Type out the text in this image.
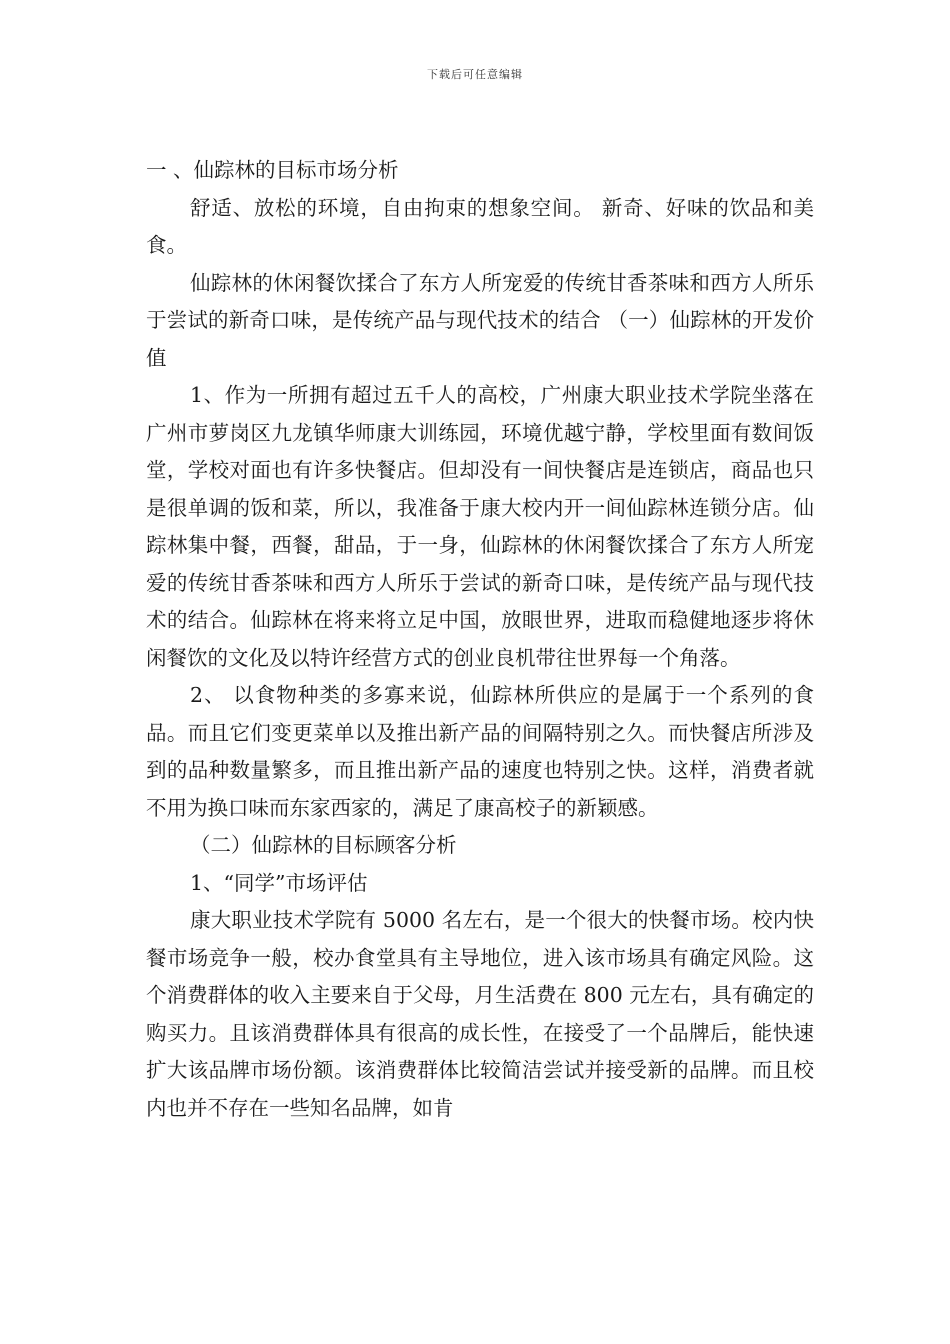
下载后可任意编辑

一 、仙踪林的目标市场分析

舒适、放松的环境，自由拘束的想象空间。 新奇、好味的饮品和美食。

仙踪林的休闲餐饮揉合了东方人所宠爱的传统甘香茶味和西方人所乐于尝试的新奇口味，是传统产品与现代技术的结合 （一）仙踪林的开发价值

1、作为一所拥有超过五千人的高校，广州康大职业技术学院坐落在广州市萝岗区九龙镇华师康大训练园，环境优越宁静，学校里面有数间饭堂，学校对面也有许多快餐店。但却没有一间快餐店是连锁店，商品也只是很单调的饭和菜，所以，我准备于康大校内开一间仙踪林连锁分店。仙踪林集中餐，西餐，甜品，于一身，仙踪林的休闲餐饮揉合了东方人所宠爱的传统甘香茶味和西方人所乐于尝试的新奇口味，是传统产品与现代技术的结合。仙踪林在将来将立足中国，放眼世界，进取而稳健地逐步将休闲餐饮的文化及以特许经营方式的创业良机带往世界每一个角落。

2、 以食物种类的多寡来说，仙踪林所供应的是属于一个系列的食品。而且它们变更菜单以及推出新产品的间隔特别之久。而快餐店所涉及到的品种数量繁多，而且推出新产品的速度也特别之快。这样，消费者就不用为换口味而东家西家的，满足了康高校子的新颖感。

（二）仙踪林的目标顾客分析

1、“同学”市场评估

康大职业技术学院有 5000 名左右，是一个很大的快餐市场。校内快餐市场竞争一般，校办食堂具有主导地位，进入该市场具有确定风险。这个消费群体的收入主要来自于父母，月生活费在 800 元左右，具有确定的购买力。且该消费群体具有很高的成长性，在接受了一个品牌后，能快速扩大该品牌市场份额。该消费群体比较简洁尝试并接受新的品牌。而且校内也并不存在一些知名品牌，如肯
